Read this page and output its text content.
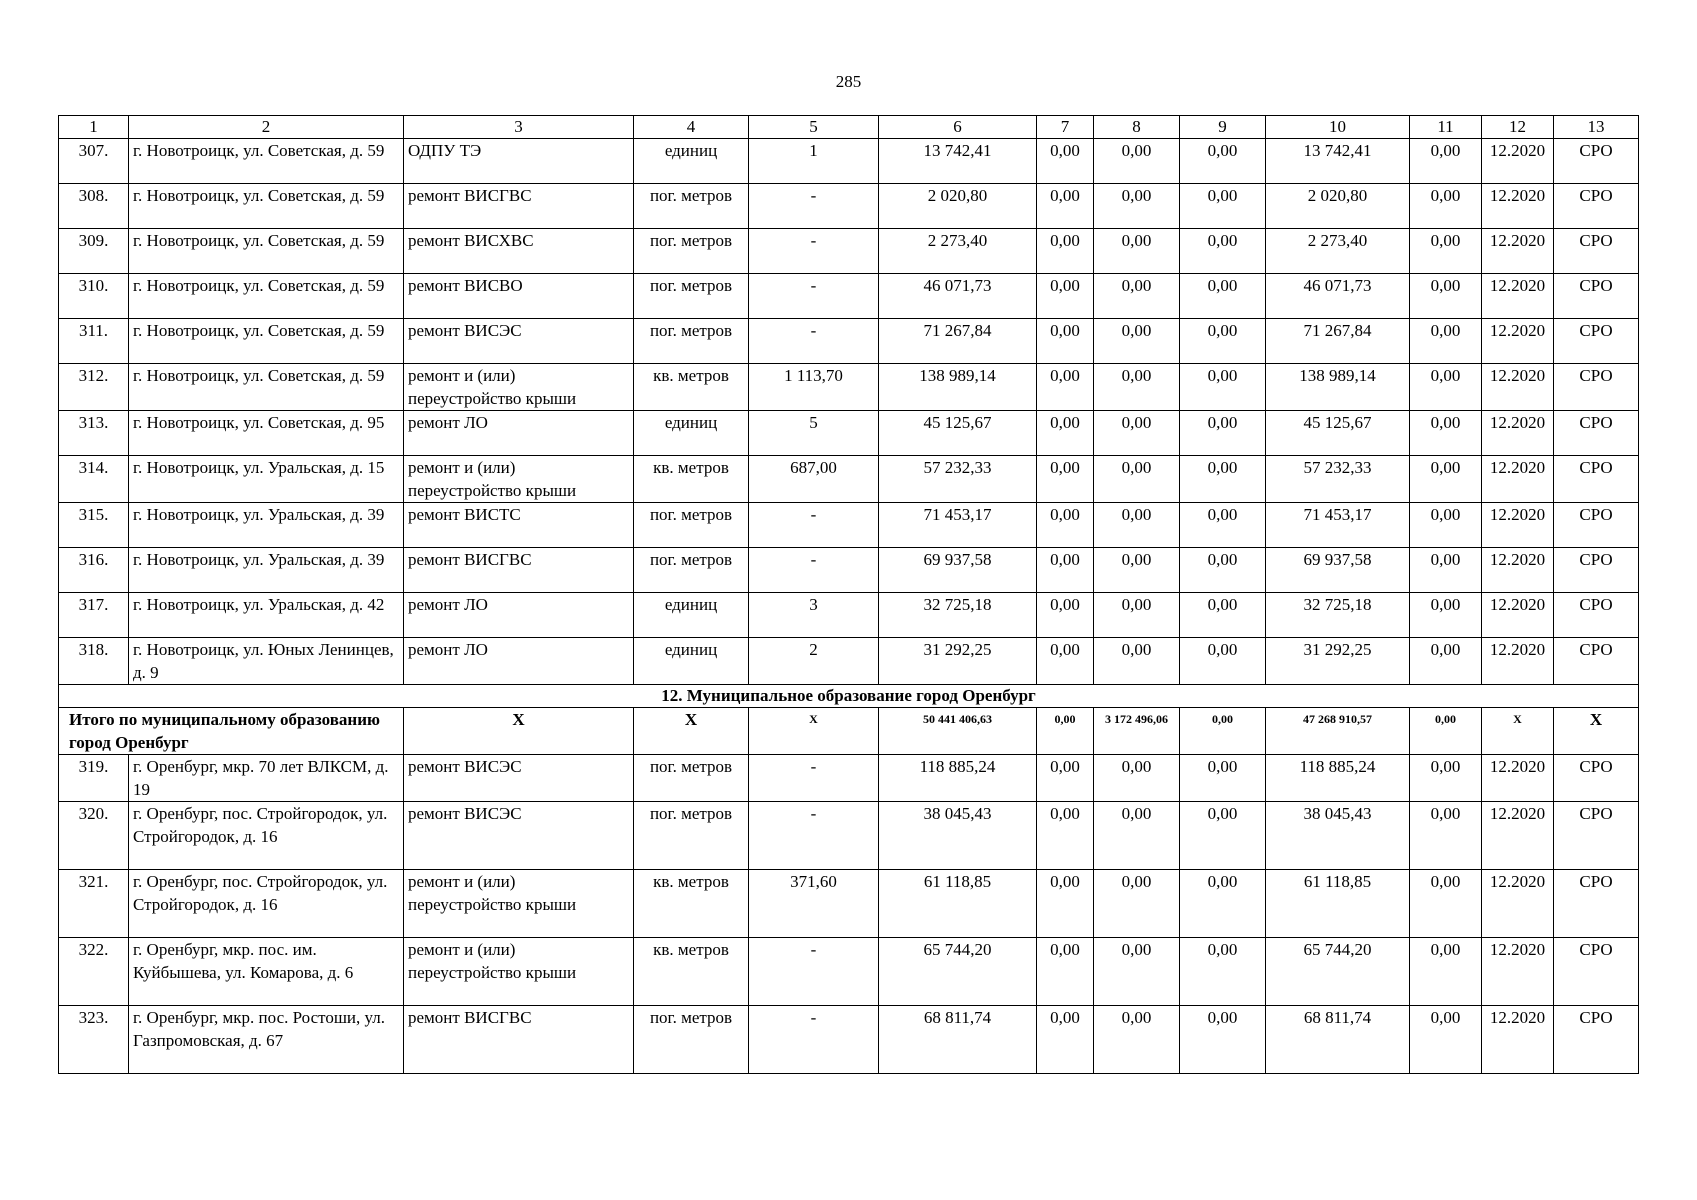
285
1	2	3	4	5	6	7	8	9	10	11	12	13
307.	г. Новотроицк, ул. Советская, д. 59	ОДПУ ТЭ	единиц	1	13 742,41	0,00	0,00	0,00	13 742,41	0,00	12.2020	СРО
308.	г. Новотроицк, ул. Советская, д. 59	ремонт ВИСГВС	пог. метров	-	2 020,80	0,00	0,00	0,00	2 020,80	0,00	12.2020	СРО
309.	г. Новотроицк, ул. Советская, д. 59	ремонт ВИСХВС	пог. метров	-	2 273,40	0,00	0,00	0,00	2 273,40	0,00	12.2020	СРО
310.	г. Новотроицк, ул. Советская, д. 59	ремонт ВИСВО	пог. метров	-	46 071,73	0,00	0,00	0,00	46 071,73	0,00	12.2020	СРО
311.	г. Новотроицк, ул. Советская, д. 59	ремонт ВИСЭС	пог. метров	-	71 267,84	0,00	0,00	0,00	71 267,84	0,00	12.2020	СРО
312.	г. Новотроицк, ул. Советская, д. 59	ремонт и (или) переустройство крыши	кв. метров	1 113,70	138 989,14	0,00	0,00	0,00	138 989,14	0,00	12.2020	СРО
313.	г. Новотроицк, ул. Советская, д. 95	ремонт ЛО	единиц	5	45 125,67	0,00	0,00	0,00	45 125,67	0,00	12.2020	СРО
314.	г. Новотроицк, ул. Уральская, д. 15	ремонт и (или) переустройство крыши	кв. метров	687,00	57 232,33	0,00	0,00	0,00	57 232,33	0,00	12.2020	СРО
315.	г. Новотроицк, ул. Уральская, д. 39	ремонт ВИСТС	пог. метров	-	71 453,17	0,00	0,00	0,00	71 453,17	0,00	12.2020	СРО
316.	г. Новотроицк, ул. Уральская, д. 39	ремонт ВИСГВС	пог. метров	-	69 937,58	0,00	0,00	0,00	69 937,58	0,00	12.2020	СРО
317.	г. Новотроицк, ул. Уральская, д. 42	ремонт ЛО	единиц	3	32 725,18	0,00	0,00	0,00	32 725,18	0,00	12.2020	СРО
318.	г. Новотроицк, ул. Юных Ленинцев, д. 9	ремонт ЛО	единиц	2	31 292,25	0,00	0,00	0,00	31 292,25	0,00	12.2020	СРО
12. Муниципальное образование город Оренбург												
Итого по муниципальному образованию город Оренбург		Х	Х	Х	50 441 406,63	0,00	3 172 496,06	0,00	47 268 910,57	0,00	Х	Х
319.	г. Оренбург, мкр. 70 лет ВЛКСМ, д. 19	ремонт ВИСЭС	пог. метров	-	118 885,24	0,00	0,00	0,00	118 885,24	0,00	12.2020	СРО
320.	г. Оренбург, пос. Стройгородок, ул. Стройгородок, д. 16	ремонт ВИСЭС	пог. метров	-	38 045,43	0,00	0,00	0,00	38 045,43	0,00	12.2020	СРО
321.	г. Оренбург, пос. Стройгородок, ул. Стройгородок, д. 16	ремонт и (или) переустройство крыши	кв. метров	371,60	61 118,85	0,00	0,00	0,00	61 118,85	0,00	12.2020	СРО
322.	г. Оренбург, мкр. пос. им. Куйбышева, ул. Комарова, д. 6	ремонт и (или) переустройство крыши	кв. метров	-	65 744,20	0,00	0,00	0,00	65 744,20	0,00	12.2020	СРО
323.	г. Оренбург, мкр. пос. Ростоши, ул. Газпромовская, д. 67	ремонт ВИСГВС	пог. метров	-	68 811,74	0,00	0,00	0,00	68 811,74	0,00	12.2020	СРО
